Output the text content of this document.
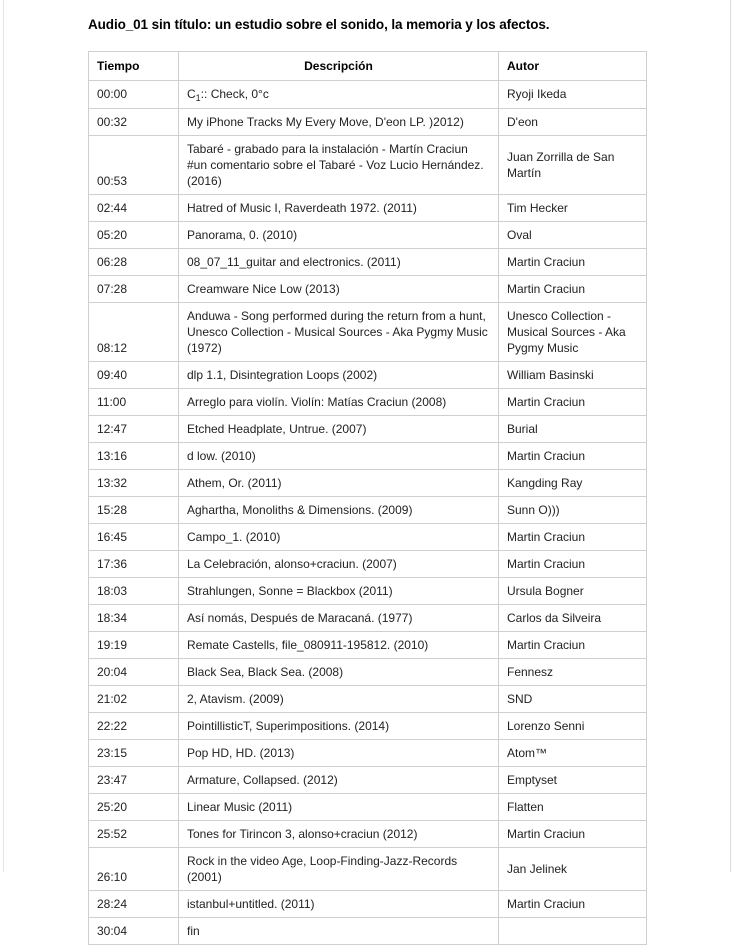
Audio_01 sin título: un estudio sobre el sonido, la memoria y los afectos.
Tiempo	Descripción	Autor
00:00	$C_1$:: Check, 0°c	Ryoji Ikeda
00:32	My iPhone Tracks My Every Move, D'eon LP. )2012)	D'eon
00:53	Tabaré - grabado para la instalación - Martín Craciun #un comentario sobre el Tabaré - Voz Lucio Hernández. (2016)	Juan Zorrilla de San Martín
02:44	Hatred of Music I, Raverdeath 1972. (2011)	Tim Hecker
05:20	Panorama, 0. (2010)	Oval
06:28	08_07_11_guitar and electronics. (2011)	Martin Craciun
07:28	Creamware Nice Low (2013)	Martin Craciun
08:12	Anduwa - Song performed during the return from a hunt, Unesco Collection - Musical Sources - Aka Pygmy Music (1972)	Unesco Collection - Musical Sources - Aka Pygmy Music
09:40	dlp 1.1, Disintegration Loops (2002)	William Basinski
11:00	Arreglo para violín. Violín: Matías Craciun (2008)	Martin Craciun
12:47	Etched Headplate, Untrue. (2007)	Burial
13:16	d low. (2010)	Martin Craciun
13:32	Athem, Or. (2011)	Kangding Ray
15:28	Aghartha, Monoliths & Dimensions. (2009)	Sunn O)))
16:45	Campo_1. (2010)	Martin Craciun
17:36	La Celebración, alonso+craciun. (2007)	Martin Craciun
18:03	Strahlungen, Sonne = Blackbox (2011)	Ursula Bogner
18:34	Así nomás, Después de Maracaná. (1977)	Carlos da Silveira
19:19	Remate Castells, file_080911-195812. (2010)	Martin Craciun
20:04	Black Sea, Black Sea. (2008)	Fennesz
21:02	2, Atavism. (2009)	SND
22:22	PointillisticT, Superimpositions. (2014)	Lorenzo Senni
23:15	Pop HD, HD. (2013)	Atom™
23:47	Armature, Collapsed. (2012)	Emptyset
25:20	Linear Music (2011)	Flatten
25:52	Tones for Tirincon 3, alonso+craciun (2012)	Martin Craciun
26:10	Rock in the video Age, Loop-Finding-Jazz-Records (2001)	Jan Jelinek
28:24	istanbul+untitled. (2011)	Martin Craciun
30:04	fin	
